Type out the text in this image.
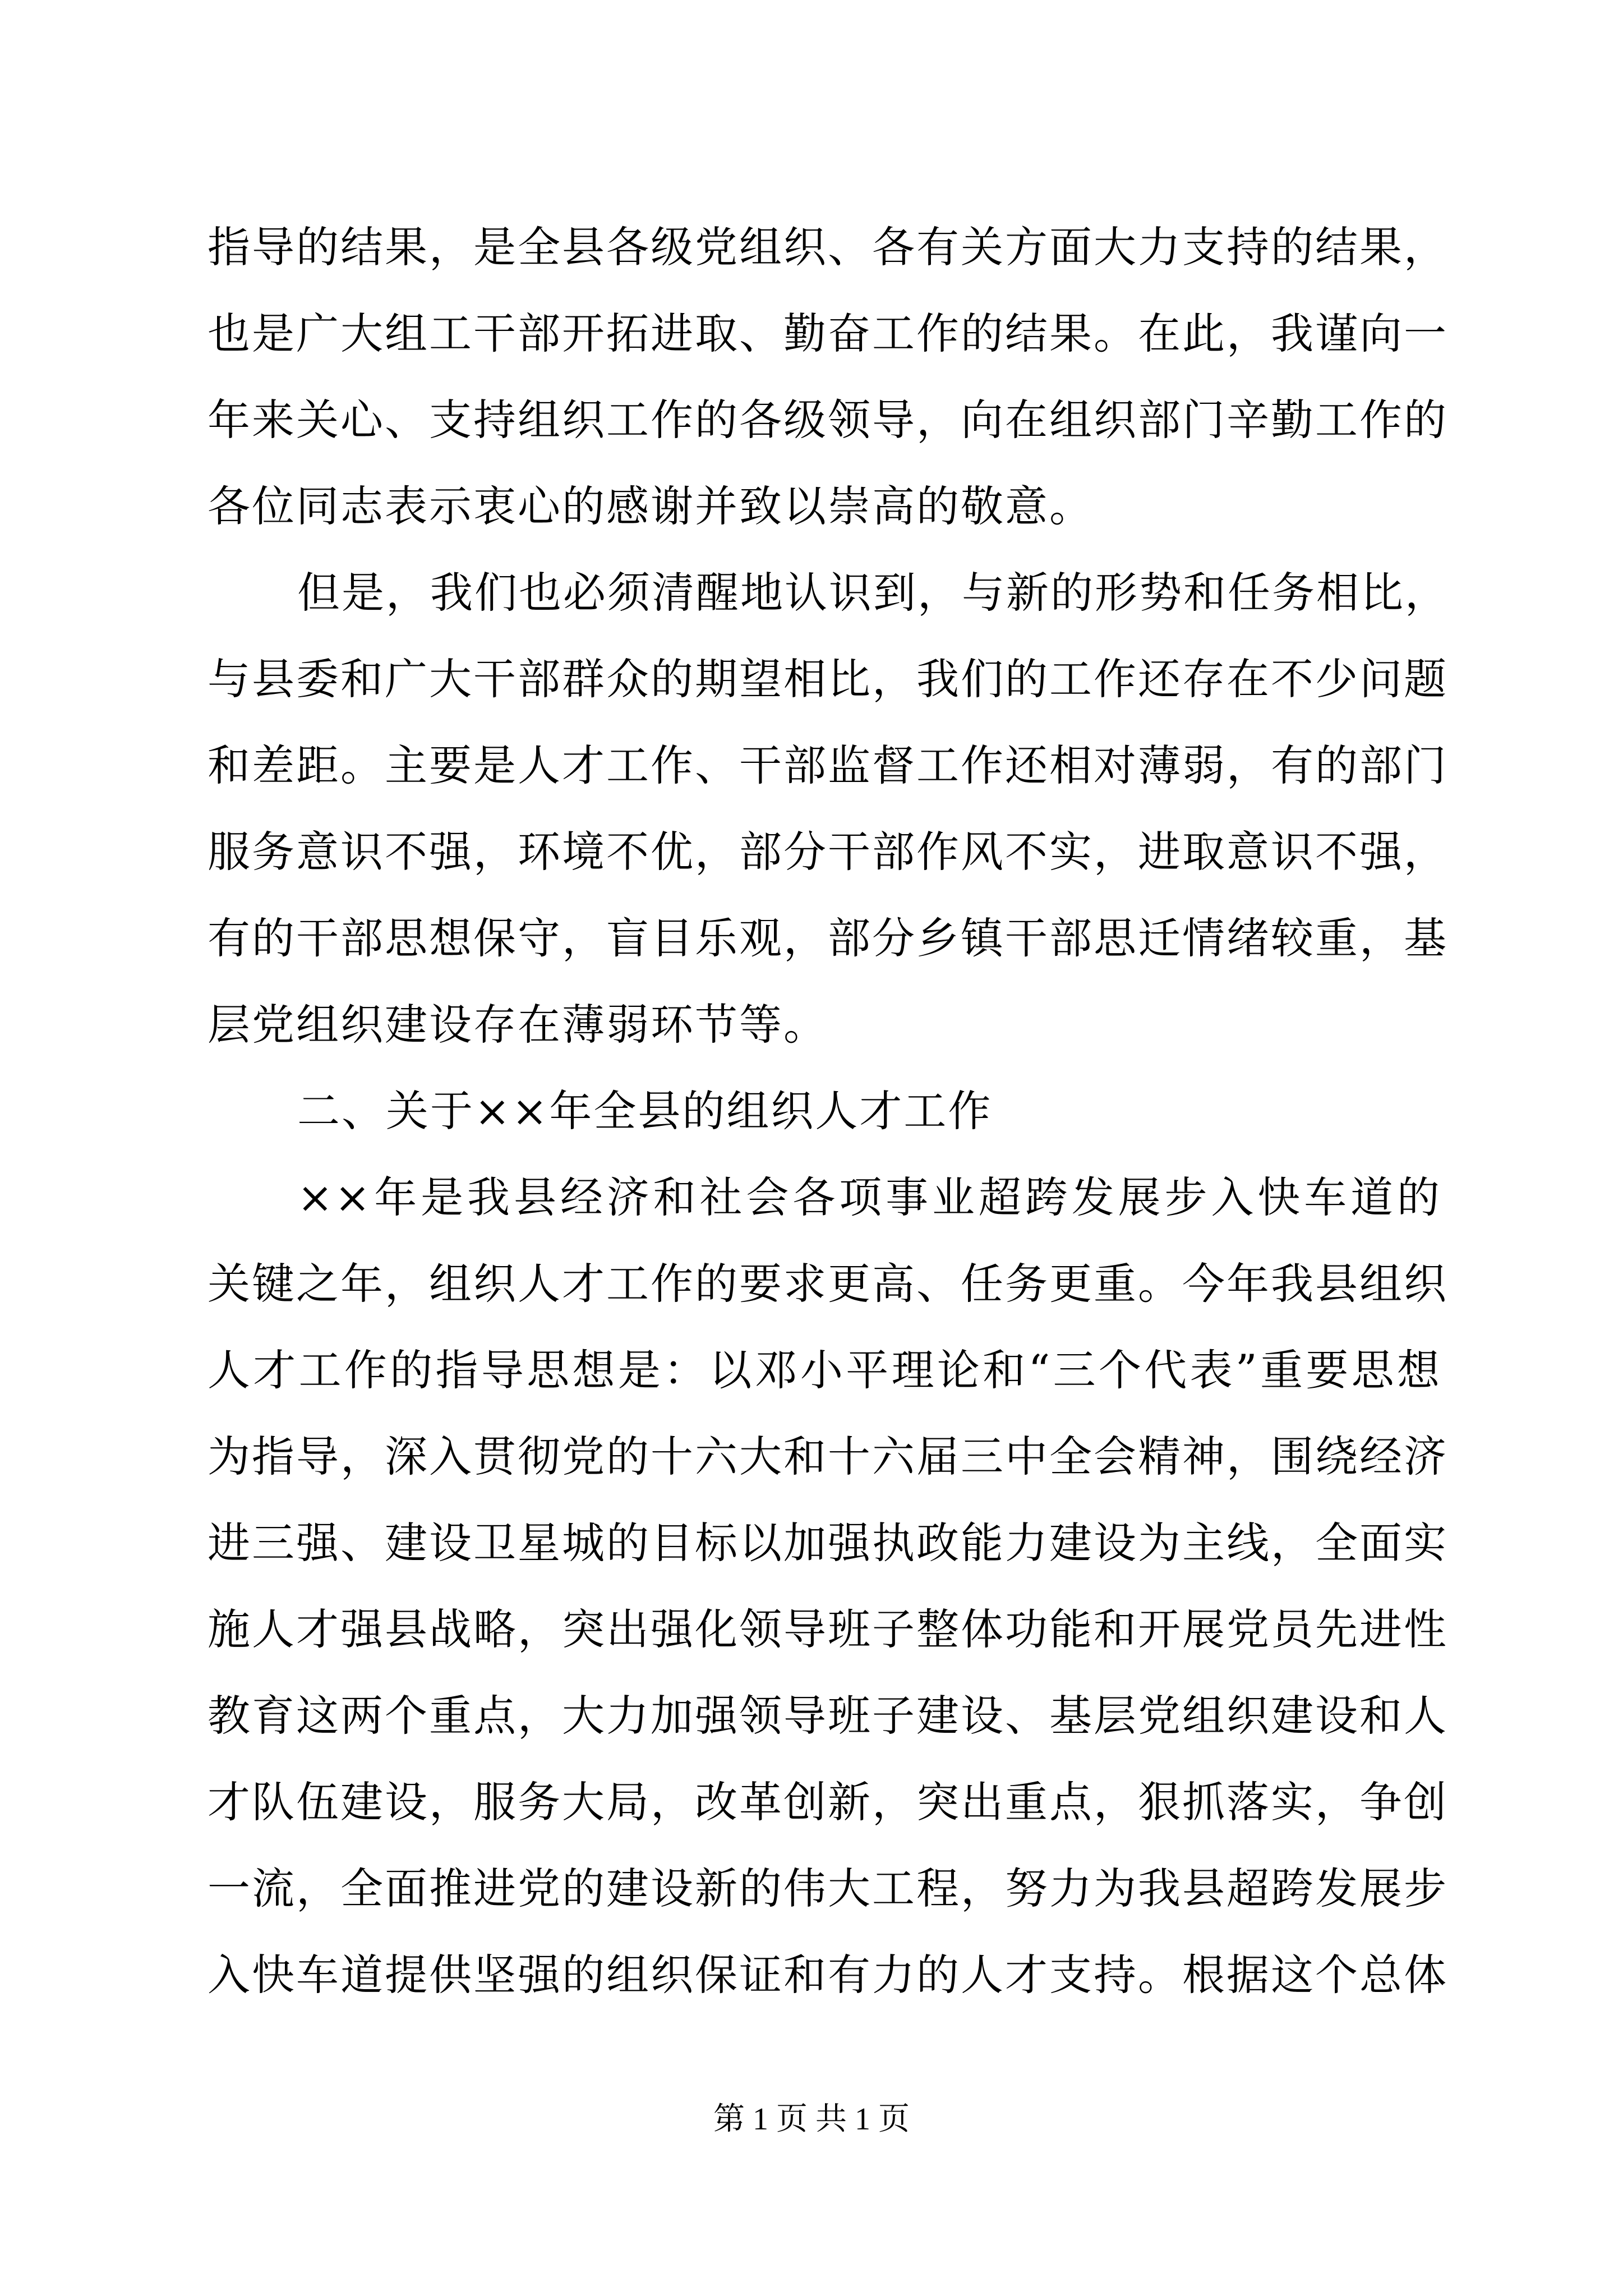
指导的结果，是全县各级党组织、各有关方面大力支持的结果，
也是广大组工干部开拓进取、勤奋工作的结果。在此，我谨向一
年来关心、支持组织工作的各级领导，向在组织部门辛勤工作的
各位同志表示衷心的感谢并致以崇高的敬意。
但是，我们也必须清醒地认识到，与新的形势和任务相比，
与县委和广大干部群众的期望相比，我们的工作还存在不少问题
和差距。主要是人才工作、干部监督工作还相对薄弱，有的部门
服务意识不强，环境不优，部分干部作风不实，进取意识不强，
有的干部思想保守，盲目乐观，部分乡镇干部思迁情绪较重，基
层党组织建设存在薄弱环节等。
二、关于××年全县的组织人才工作
××年是我县经济和社会各项事业超跨发展步入快车道的
关键之年，组织人才工作的要求更高、任务更重。今年我县组织
人才工作的指导思想是：以邓小平理论和“三个代表”重要思想
为指导，深入贯彻党的十六大和十六届三中全会精神，围绕经济
进三强、建设卫星城的目标以加强执政能力建设为主线，全面实
施人才强县战略，突出强化领导班子整体功能和开展党员先进性
教育这两个重点，大力加强领导班子建设、基层党组织建设和人
才队伍建设，服务大局，改革创新，突出重点，狠抓落实，争创
一流，全面推进党的建设新的伟大工程，努力为我县超跨发展步
入快车道提供坚强的组织保证和有力的人才支持。根据这个总体
第 1 页 共 1 页
